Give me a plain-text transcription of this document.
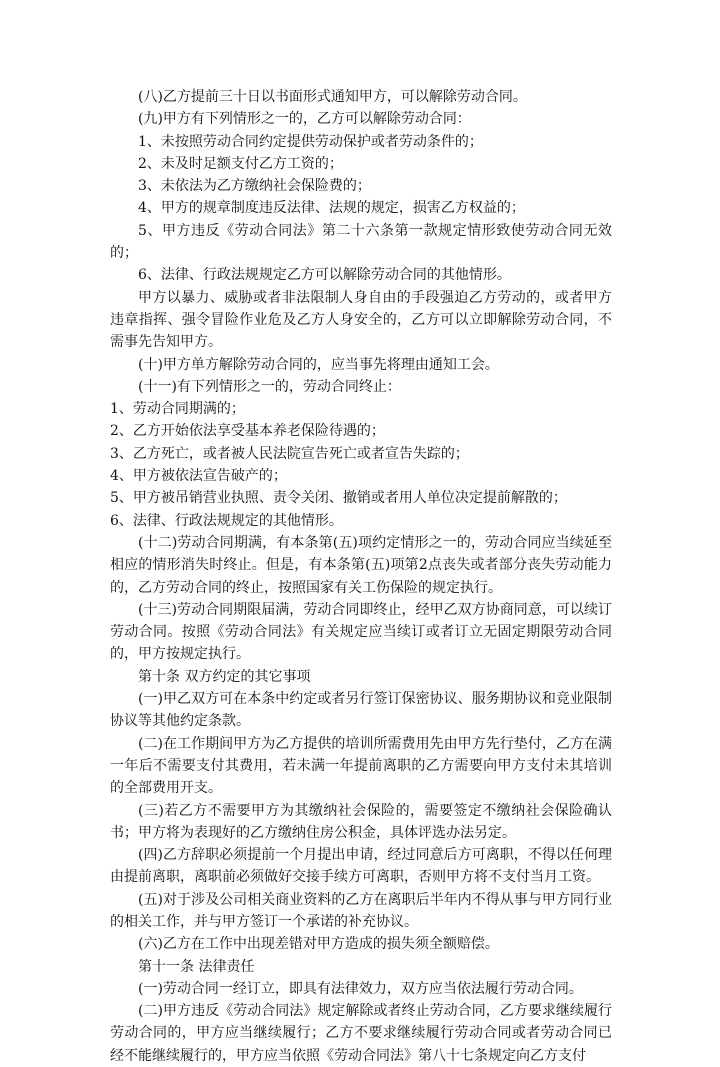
(八)乙方提前三十日以书面形式通知甲方，可以解除劳动合同。

(九)甲方有下列情形之一的，乙方可以解除劳动合同：

1、未按照劳动合同约定提供劳动保护或者劳动条件的；

2、未及时足额支付乙方工资的；

3、未依法为乙方缴纳社会保险费的；

4、甲方的规章制度违反法律、法规的规定，损害乙方权益的；

5、甲方违反《劳动合同法》第二十六条第一款规定情形致使劳动合同无效的；

6、法律、行政法规规定乙方可以解除劳动合同的其他情形。

甲方以暴力、威胁或者非法限制人身自由的手段强迫乙方劳动的，或者甲方违章指挥、强令冒险作业危及乙方人身安全的，乙方可以立即解除劳动合同，不需事先告知甲方。

(十)甲方单方解除劳动合同的，应当事先将理由通知工会。

(十一)有下列情形之一的，劳动合同终止：

1、劳动合同期满的；

2、乙方开始依法享受基本养老保险待遇的；

3、乙方死亡，或者被人民法院宣告死亡或者宣告失踪的；

4、甲方被依法宣告破产的；

5、甲方被吊销营业执照、责令关闭、撤销或者用人单位决定提前解散的；

6、法律、行政法规规定的其他情形。

(十二)劳动合同期满，有本条第(五)项约定情形之一的，劳动合同应当续延至相应的情形消失时终止。但是，有本条第(五)项第2点丧失或者部分丧失劳动能力的，乙方劳动合同的终止，按照国家有关工伤保险的规定执行。

(十三)劳动合同期限届满，劳动合同即终止，经甲乙双方协商同意，可以续订劳动合同。按照《劳动合同法》有关规定应当续订或者订立无固定期限劳动合同的，甲方按规定执行。

第十条 双方约定的其它事项

(一)甲乙双方可在本条中约定或者另行签订保密协议、服务期协议和竞业限制协议等其他约定条款。

(二)在工作期间甲方为乙方提供的培训所需费用先由甲方先行垫付，乙方在满一年后不需要支付其费用，若未满一年提前离职的乙方需要向甲方支付未其培训的全部费用开支。

(三)若乙方不需要甲方为其缴纳社会保险的，需要签定不缴纳社会保险确认书；甲方将为表现好的乙方缴纳住房公积金，具体评选办法另定。

(四)乙方辞职必须提前一个月提出申请，经过同意后方可离职，不得以任何理由提前离职，离职前必须做好交接手续方可离职，否则甲方将不支付当月工资。

(五)对于涉及公司相关商业资料的乙方在离职后半年内不得从事与甲方同行业的相关工作，并与甲方签订一个承诺的补充协议。

(六)乙方在工作中出现差错对甲方造成的损失须全额赔偿。

第十一条 法律责任

(一)劳动合同一经订立，即具有法律效力，双方应当依法履行劳动合同。

(二)甲方违反《劳动合同法》规定解除或者终止劳动合同，乙方要求继续履行劳动合同的，甲方应当继续履行；乙方不要求继续履行劳动合同或者劳动合同已经不能继续履行的，甲方应当依照《劳动合同法》第八十七条规定向乙方支付
